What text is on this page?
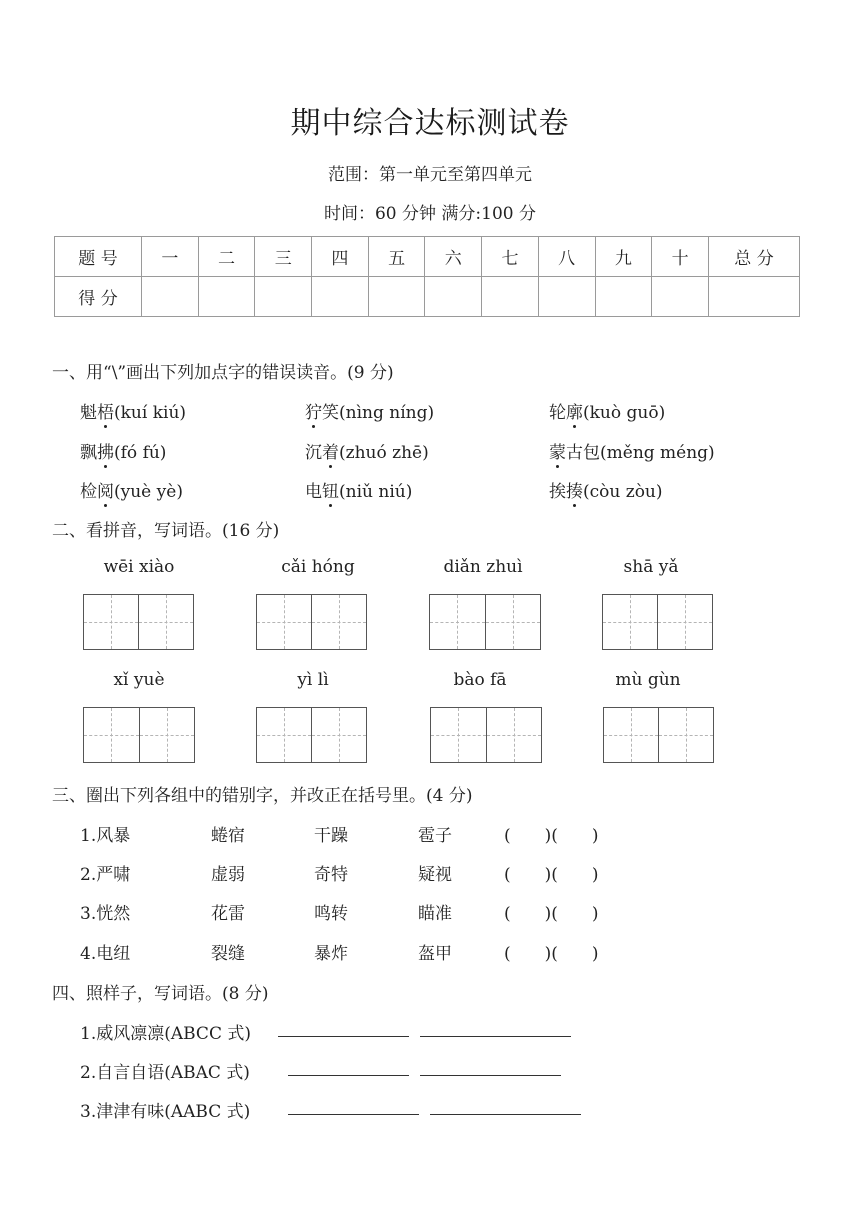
期中综合达标测试卷
范围：第一单元至第四单元
时间：60 分钟 满分:100 分
题 号	一	二	三	四	五	六	七	八	九	十	总 分
得 分											
一、用“\”画出下列加点字的错误读音。(9 分)
魁梧(kuí kiú)	狞笑(nìng níng)	轮廓(kuò guō)
飘拂(fó fú)	沉着(zhuó zhē)	蒙古包(měng méng)
检阅(yuè yè)	电钮(niǔ niú)	挨揍(còu zòu)
二、看拼音，写词语。(16 分)
wēi xiào	cǎi hóng	diǎn zhuì	shā yǎ
xǐ yuè	yì lì	bào fā	mù gùn
三、圈出下列各组中的错别字，并改正在括号里。(4 分)
1.风暴	蜷宿	干躁	雹子	(　　)(　　)
2.严啸	虚弱	奇特	疑视	(　　)(　　)
3.恍然	花雷	鸣转	瞄准	(　　)(　　)
4.电纽	裂缝	暴炸	盔甲	(　　)(　　)
四、照样子，写词语。(8 分)
1.威风凛凛(ABCC 式)
2.自言自语(ABAC 式)
3.津津有味(AABC 式)
